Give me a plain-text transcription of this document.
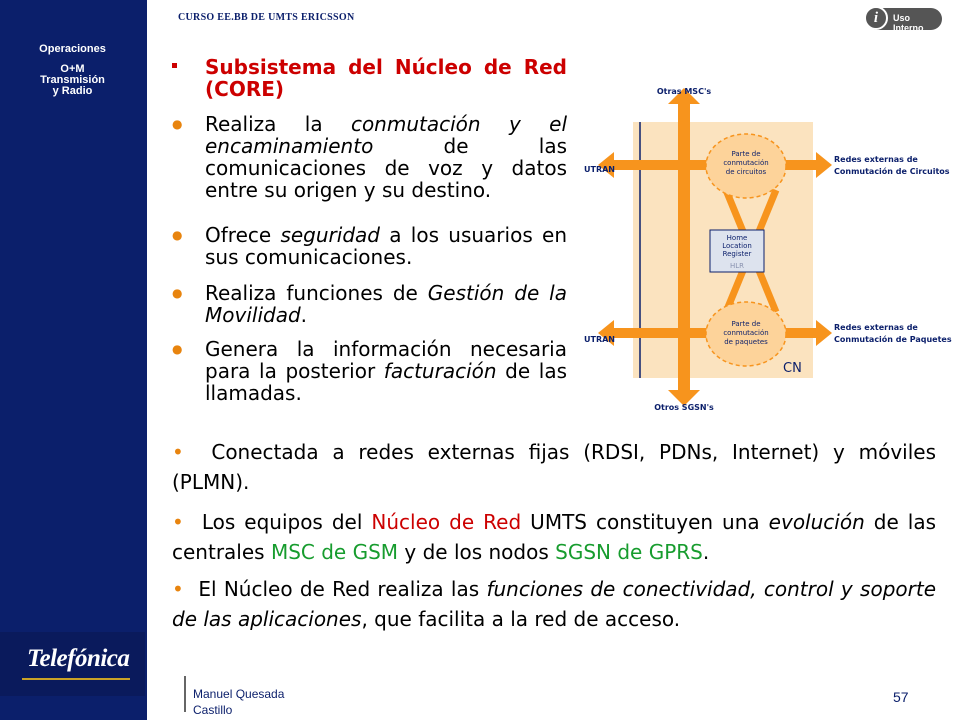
Operaciones
O+M
Transmisión
y Radio
Telefónica
CURSO EE.BB DE UMTS ERICSSON	i	Uso Interno
Subsistema del Núcleo de Red (CORE)
● Realiza la conmutación y el encaminamiento de las comunicaciones de voz y datos entre su origen y su destino.
● Ofrece seguridad a los usuarios en sus comunicaciones.
● Realiza funciones de Gestión de la Movilidad.
● Genera la información necesaria para la posterior facturación de las llamadas.
• Conectada a redes externas fijas (RDSI, PDNs, Internet) y móviles (PLMN).
• Los equipos del Núcleo de Red UMTS constituyen una evolución de las centrales MSC de GSM y de los nodos SGSN de GPRS.
• El Núcleo de Red realiza las funciones de conectividad, control y soporte de las aplicaciones, que facilita a la red de acceso.
Parte de
conmutación
de circuitos
Parte de
conmutación
de paquetes
Home
Location
Register
HLR
CN
Otras MSC's
Otros SGSN's
UTRAN
UTRAN
Redes externas de
Conmutación de Circuitos
Redes externas de
Conmutación de Paquetes
Manuel Quesada
Castillo
57
